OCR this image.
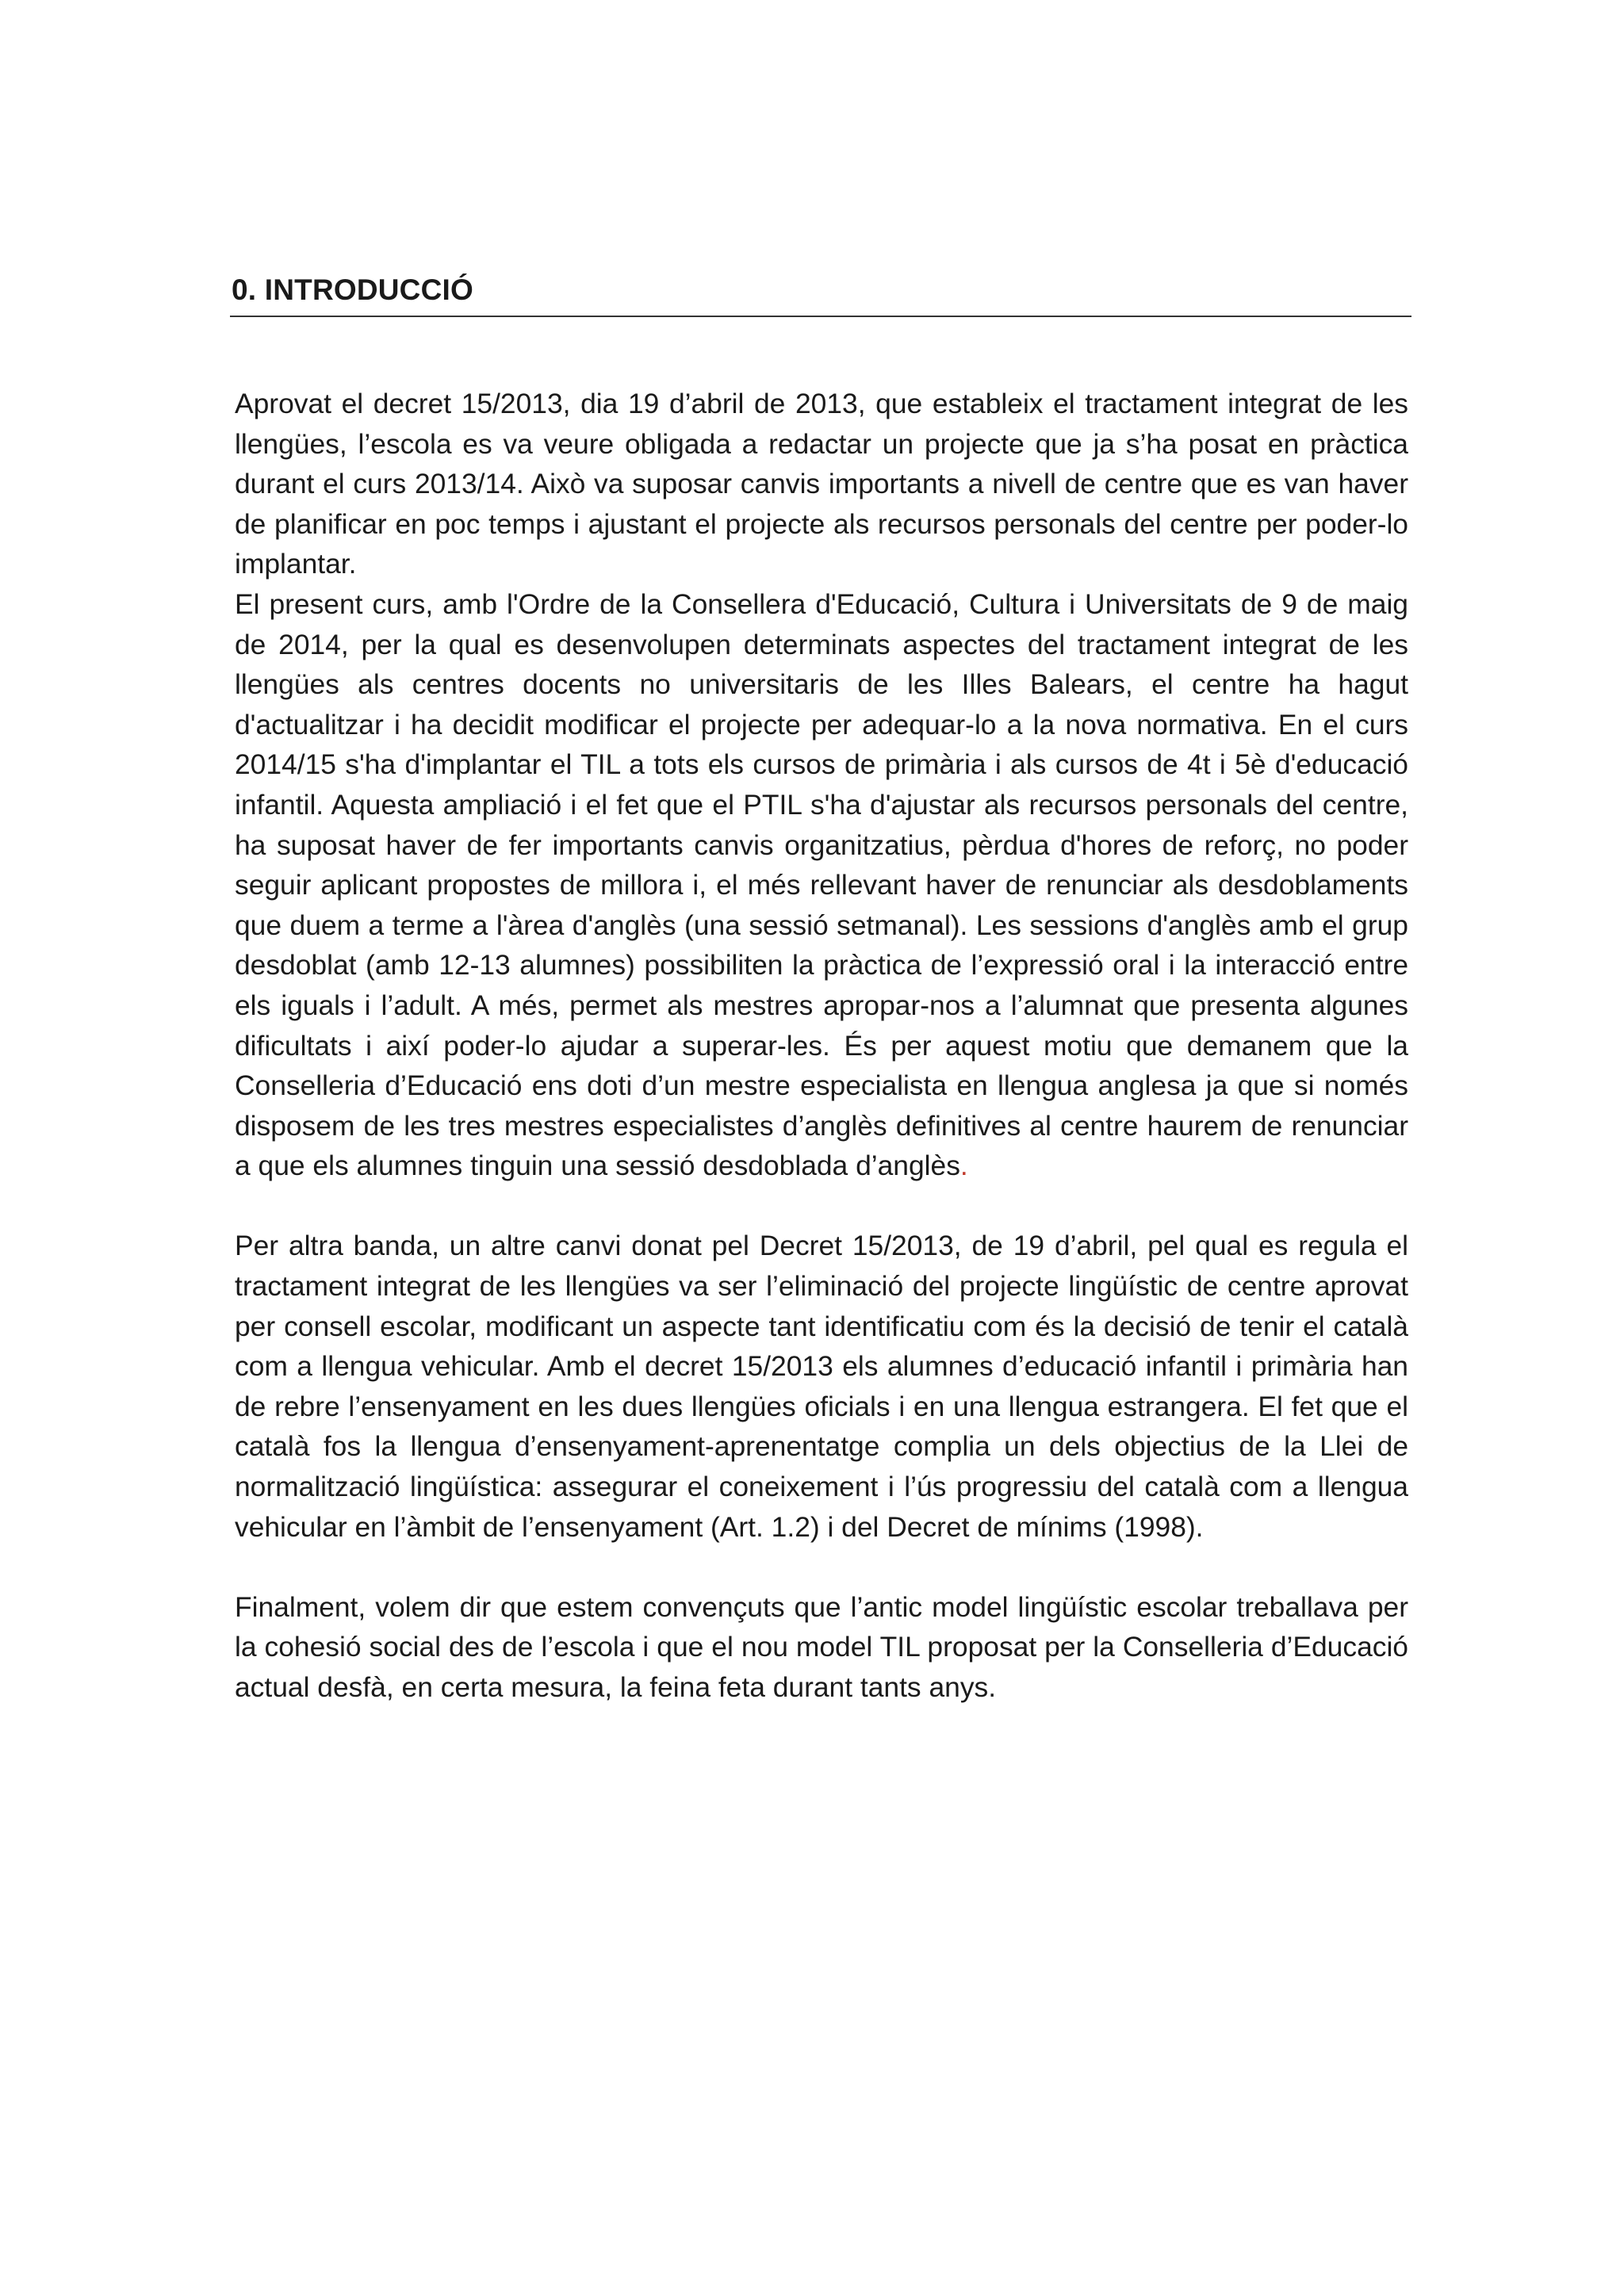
0. INTRODUCCIÓ

Aprovat el decret 15/2013, dia 19 d’abril de 2013, que estableix el tractament integrat de les llengües, l’escola es va veure obligada a redactar un projecte que ja s’ha posat en pràctica durant el curs 2013/14. Això va suposar canvis importants a nivell de centre que es van haver de planificar en poc temps i ajustant el projecte als recursos personals del centre per poder-lo implantar.

El present curs, amb l'Ordre de la Consellera d'Educació, Cultura i Universitats de 9 de maig de 2014, per la qual es desenvolupen determinats aspectes del tractament integrat de les llengües als centres docents no universitaris de les Illes Balears, el centre ha hagut d'actualitzar i ha decidit modificar el projecte per adequar-lo a la nova normativa. En el curs 2014/15 s'ha d'implantar el TIL a tots els cursos de primària i als cursos de 4t i 5è d'educació infantil. Aquesta ampliació i el fet que el PTIL s'ha d'ajustar als recursos personals del centre, ha suposat haver de fer importants canvis organitzatius, pèrdua d'hores de reforç, no poder seguir aplicant propostes de millora i, el més rellevant haver de renunciar als desdoblaments que duem a terme a l'àrea d'anglès (una sessió setmanal). Les sessions d'anglès amb el grup desdoblat (amb 12-13 alumnes) possibiliten la pràctica de l’expressió oral i la interacció entre els iguals i l’adult. A més, permet als mestres apropar-nos a l’alumnat que presenta algunes dificultats i així poder-lo ajudar a superar-les. És per aquest motiu que demanem que la Conselleria d’Educació ens doti d’un mestre especialista en llengua anglesa ja que si només disposem de les tres mestres especialistes d’anglès definitives al centre haurem de renunciar a que els alumnes tinguin una sessió desdoblada d’anglès.

Per altra banda, un altre canvi donat pel Decret 15/2013, de 19 d’abril, pel qual es regula el tractament integrat de les llengües va ser l’eliminació del projecte lingüístic de centre aprovat per consell escolar, modificant un aspecte tant identificatiu com és la decisió de tenir el català com a llengua vehicular. Amb el decret 15/2013 els alumnes d’educació infantil i primària han de rebre l’ensenyament en les dues llengües oficials i en una llengua estrangera. El fet que el català fos la llengua d’ensenyament-aprenentatge complia un dels objectius de la Llei de normalització lingüística: assegurar el coneixement i l’ús progressiu del català com a llengua vehicular en l’àmbit de l’ensenyament (Art. 1.2) i del Decret de mínims (1998).

Finalment, volem dir que estem convençuts que l’antic model lingüístic escolar treballava per la cohesió social des de l’escola i que el nou model TIL proposat per la Conselleria d’Educació actual desfà, en certa mesura, la feina feta durant tants anys.
